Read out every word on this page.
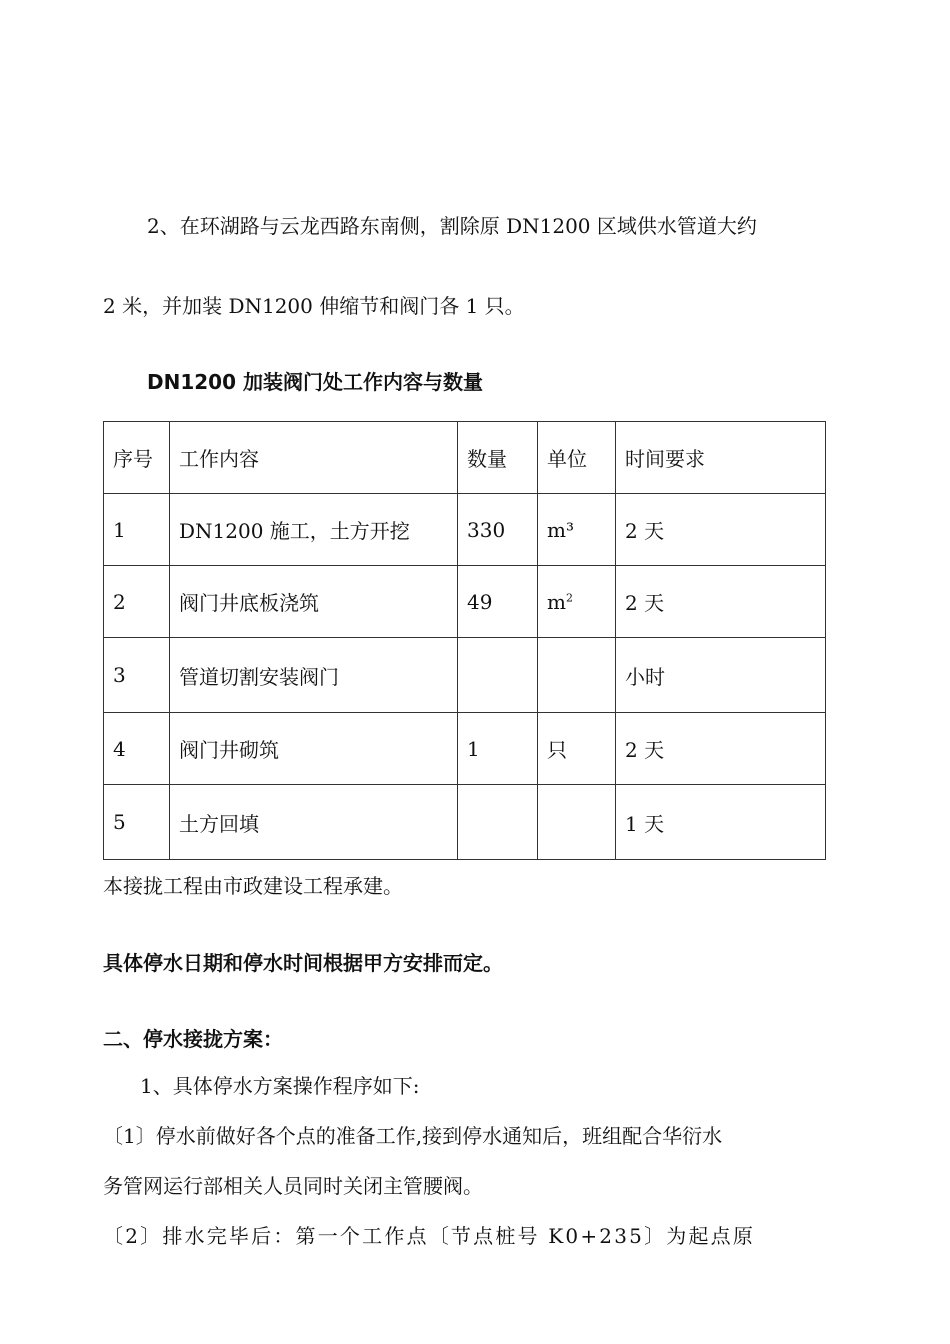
2、在环湖路与云龙西路东南侧，割除原 DN1200 区域供水管道大约
2 米，并加装 DN1200 伸缩节和阀门各 1 只。
DN1200 加装阀门处工作内容与数量
序号	工作内容	数量	单位	时间要求
1	DN1200 施工，土方开挖	330	m³	2 天
2	阀门井底板浇筑	49	$m^2$	2 天
3	管道切割安装阀门			小时
4	阀门井砌筑	1	只	2 天
5	土方回填			1 天
本接拢工程由市政建设工程承建。
具体停水日期和停水时间根据甲方安排而定。
二、停水接拢方案：
1、具体停水方案操作程序如下:
〔1〕停水前做好各个点的准备工作,接到停水通知后，班组配合华衍水
务管网运行部相关人员同时关闭主管腰阀。
〔2〕排水完毕后：第一个工作点〔节点桩号 K0+235〕为起点原
